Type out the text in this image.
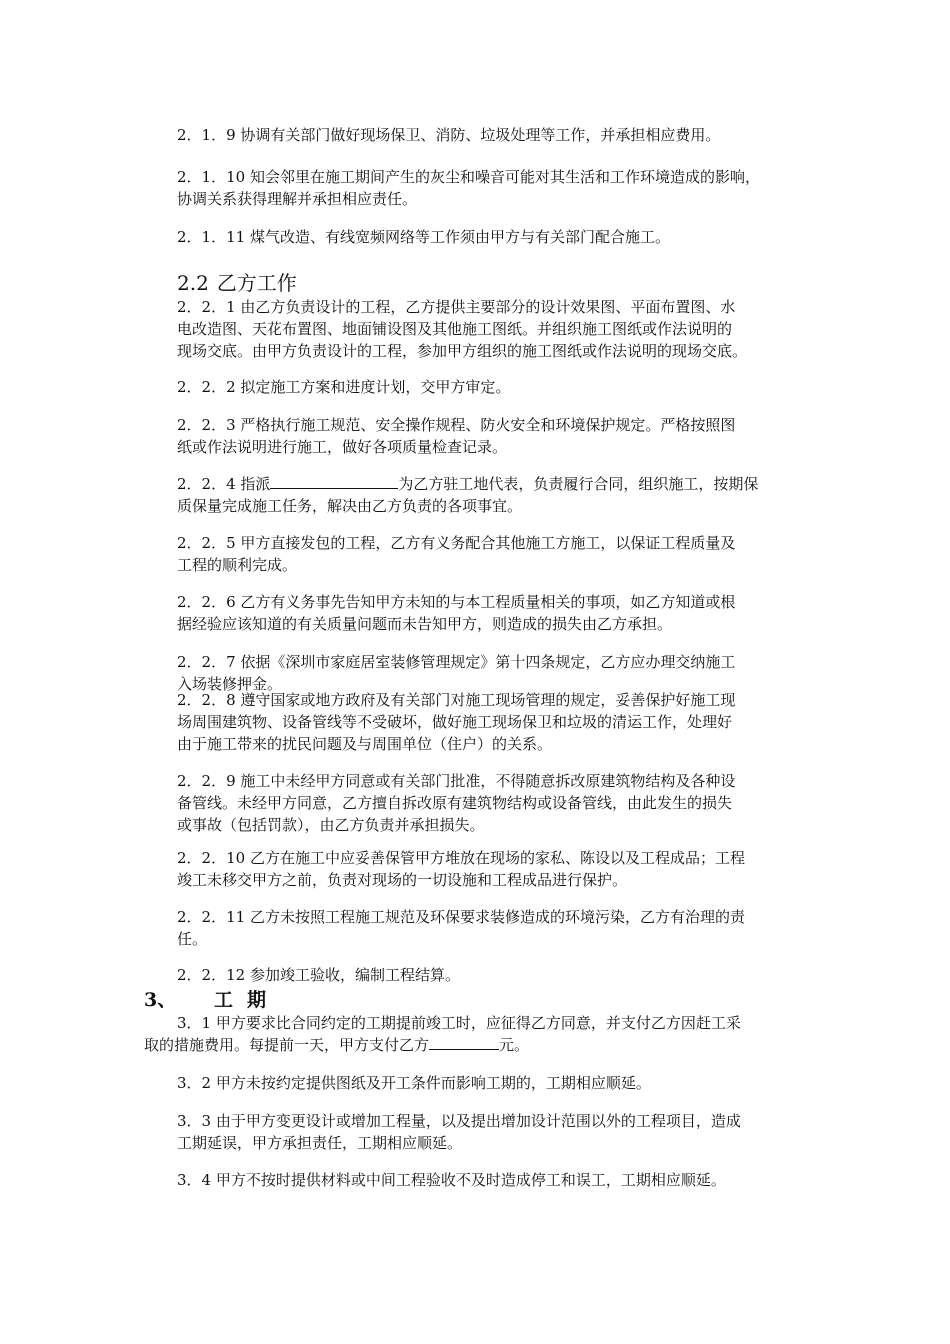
2．1．9 协调有关部门做好现场保卫、消防、垃圾处理等工作，并承担相应费用。
2．1．10 知会邻里在施工期间产生的灰尘和噪音可能对其生活和工作环境造成的影响，
协调关系获得理解并承担相应责任。
2．1．11 煤气改造、有线宽频网络等工作须由甲方与有关部门配合施工。
2.2 乙方工作
2．2．1 由乙方负责设计的工程，乙方提供主要部分的设计效果图、平面布置图、水
电改造图、天花布置图、地面铺设图及其他施工图纸。并组织施工图纸或作法说明的
现场交底。由甲方负责设计的工程，参加甲方组织的施工图纸或作法说明的现场交底。
2．2．2 拟定施工方案和进度计划，交甲方审定。
2．2．3 严格执行施工规范、安全操作规程、防火安全和环境保护规定。严格按照图
纸或作法说明进行施工，做好各项质量检查记录。
2．2．4 指派	为乙方驻工地代表，负责履行合同，组织施工，按期保
质保量完成施工任务，解决由乙方负责的各项事宜。
2．2．5 甲方直接发包的工程，乙方有义务配合其他施工方施工，以保证工程质量及
工程的顺利完成。
2．2．6 乙方有义务事先告知甲方未知的与本工程质量相关的事项，如乙方知道或根
据经验应该知道的有关质量问题而未告知甲方，则造成的损失由乙方承担。
2．2．7 依据《深圳市家庭居室装修管理规定》第十四条规定，乙方应办理交纳施工
入场装修押金。
2．2．8 遵守国家或地方政府及有关部门对施工现场管理的规定，妥善保护好施工现
场周围建筑物、设备管线等不受破坏，做好施工现场保卫和垃圾的清运工作，处理好
由于施工带来的扰民问题及与周围单位（住户）的关系。
2．2．9 施工中未经甲方同意或有关部门批准，不得随意拆改原建筑物结构及各种设
备管线。未经甲方同意，乙方擅自拆改原有建筑物结构或设备管线，由此发生的损失
或事故（包括罚款），由乙方负责并承担损失。
2．2．10 乙方在施工中应妥善保管甲方堆放在现场的家私、陈设以及工程成品；工程
竣工未移交甲方之前，负责对现场的一切设施和工程成品进行保护。
2．2．11 乙方未按照工程施工规范及环保要求装修造成的环境污染，乙方有治理的责
任。
2．2．12 参加竣工验收，编制工程结算。
3、 工期
3．1 甲方要求比合同约定的工期提前竣工时，应征得乙方同意，并支付乙方因赶工采
取的措施费用。每提前一天，甲方支付乙方	元。
3．2 甲方未按约定提供图纸及开工条件而影响工期的，工期相应顺延。
3．3 由于甲方变更设计或增加工程量，以及提出增加设计范围以外的工程项目，造成
工期延误，甲方承担责任，工期相应顺延。
3．4 甲方不按时提供材料或中间工程验收不及时造成停工和误工，工期相应顺延。
